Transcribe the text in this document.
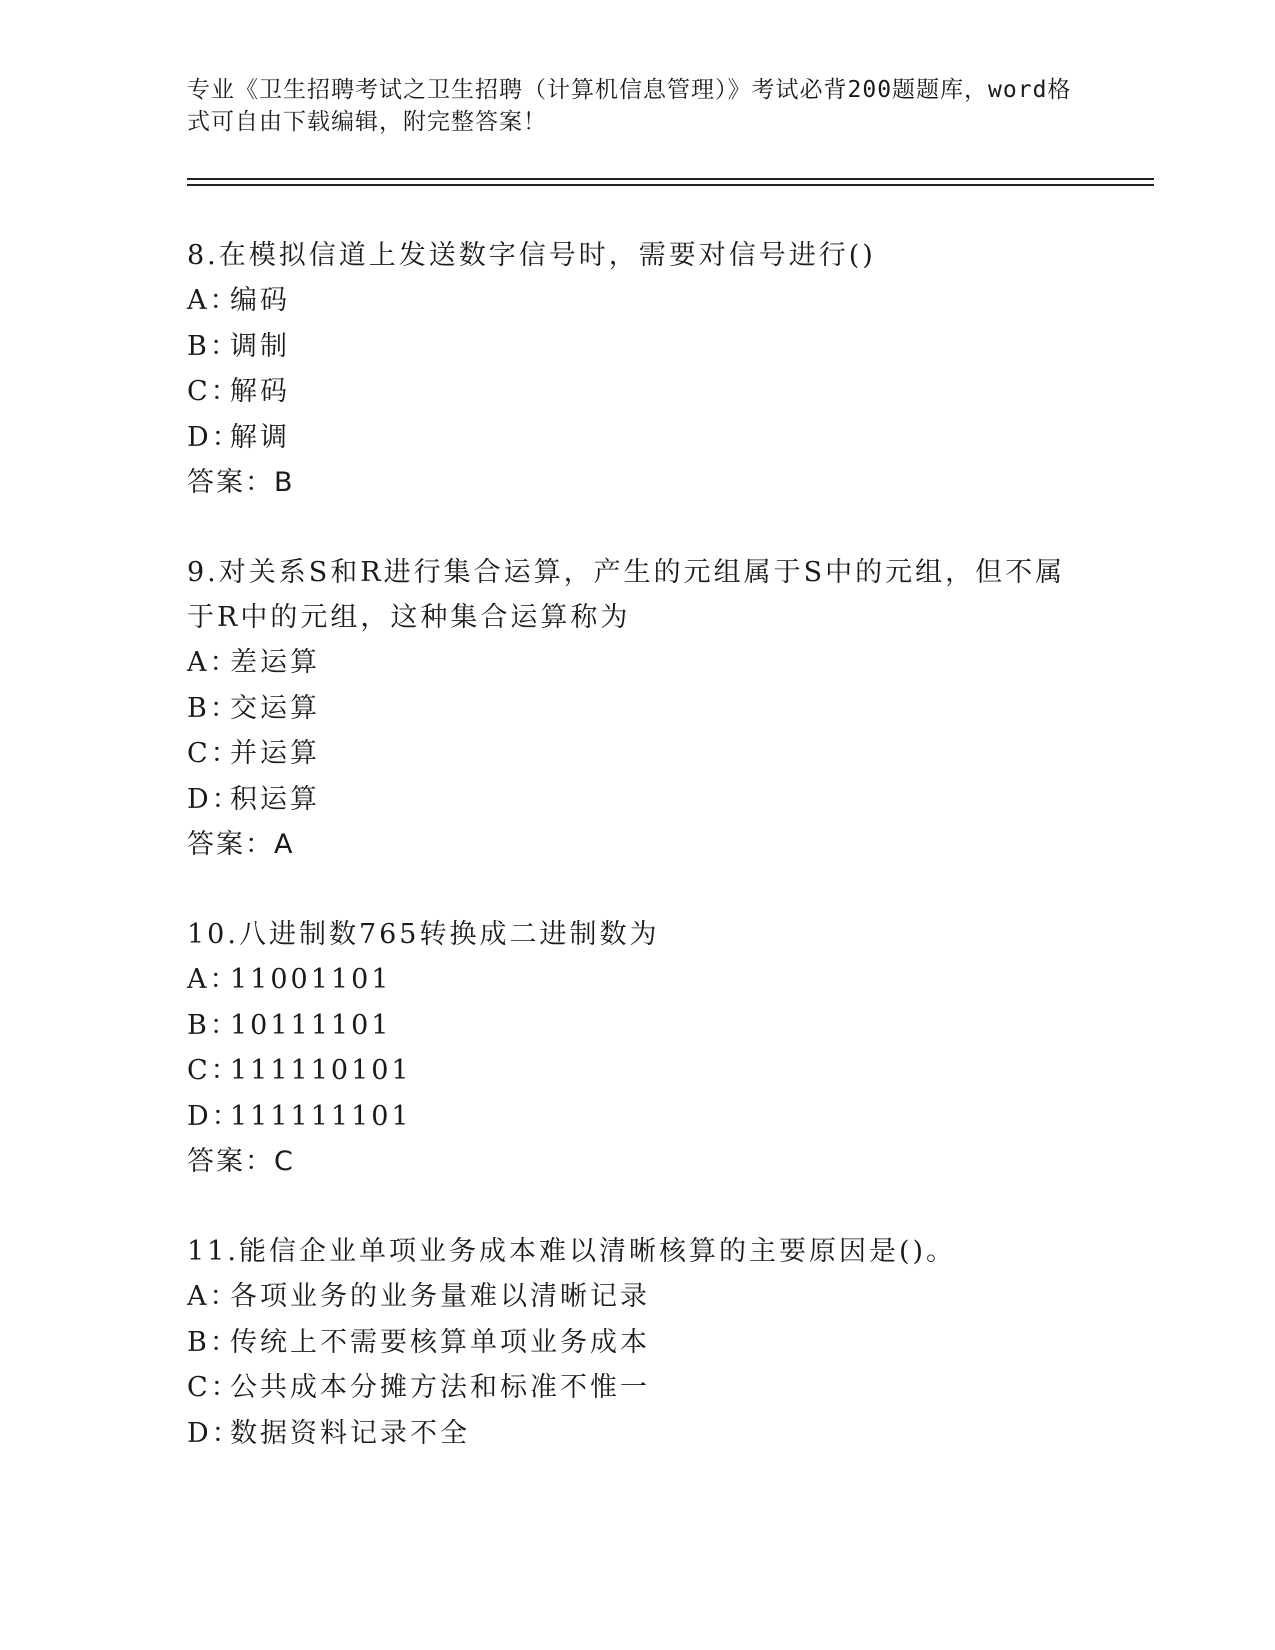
专业《卫生招聘考试之卫生招聘（计算机信息管理）》考试必背200题题库，word格式可自由下载编辑，附完整答案！
8.在模拟信道上发送数字信号时，需要对信号进行()
A：
编码
B：
调制
C：
解码
D：
解调
答案：B
9.对关系S和R进行集合运算，产生的元组属于S中的元组，但不属于R中的元组，这种集合运算称为
A：
差运算
B：
交运算
C：
并运算
D：
积运算
答案：A
10.八进制数765转换成二进制数为
A：
11001101
B：
10111101
C：
111110101
D：
111111101
答案：C
11.能信企业单项业务成本难以清晰核算的主要原因是()。
A：
各项业务的业务量难以清晰记录
B：
传统上不需要核算单项业务成本
C：
公共成本分摊方法和标准不惟一
D：
数据资料记录不全
